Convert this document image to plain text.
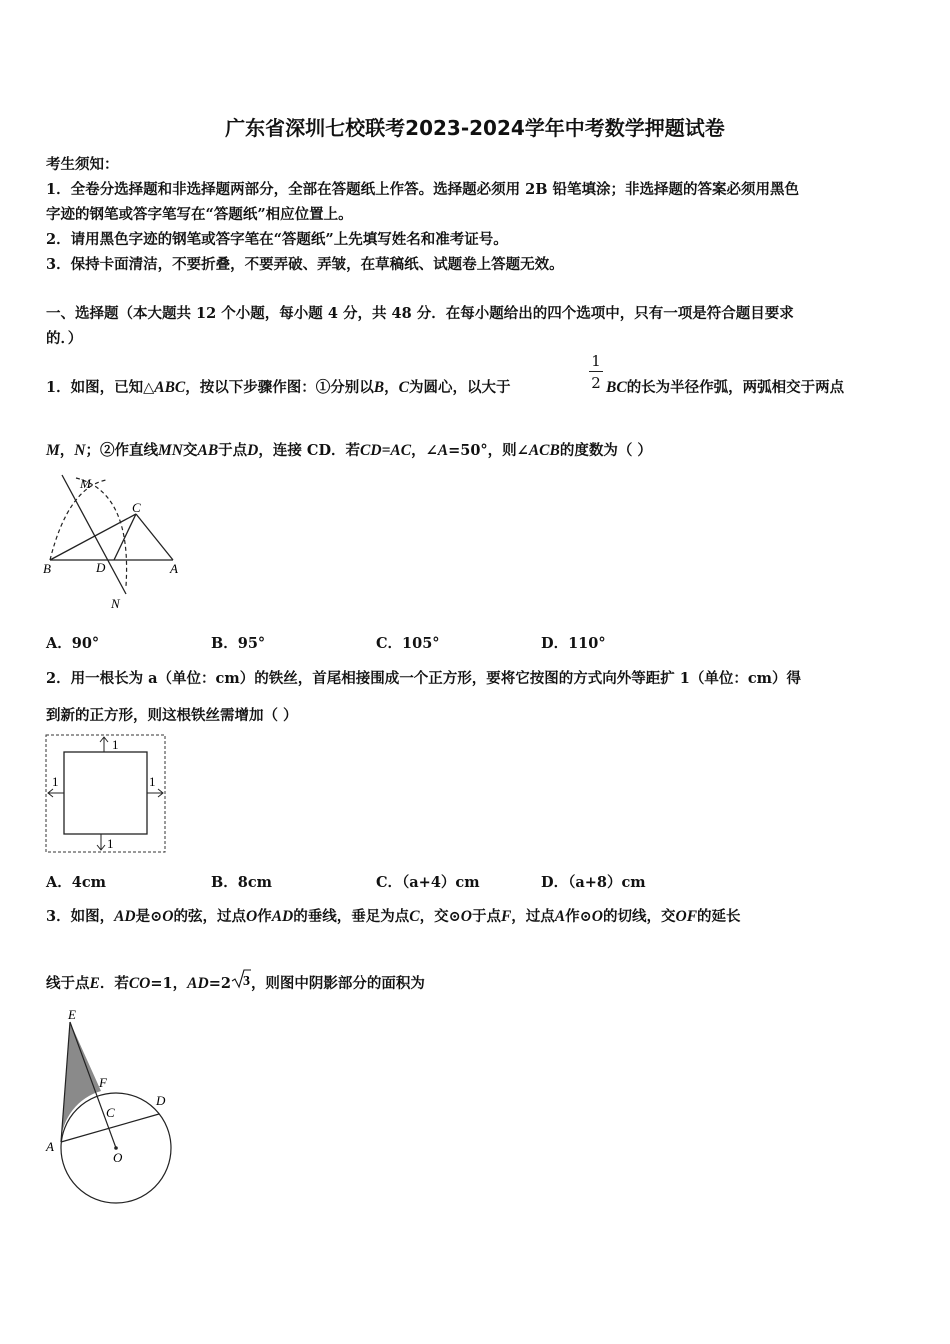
广东省深圳七校联考2023-2024学年中考数学押题试卷
考生须知：
1．全卷分选择题和非选择题两部分，全部在答题纸上作答。选择题必须用 2B 铅笔填涂；非选择题的答案必须用黑色
字迹的钢笔或答字笔写在“答题纸”相应位置上。
2．请用黑色字迹的钢笔或答字笔在“答题纸”上先填写姓名和准考证号。
3．保持卡面清洁，不要折叠，不要弄破、弄皱，在草稿纸、试题卷上答题无效。
一、选择题（本大题共 12 个小题，每小题 4 分，共 48 分．在每小题给出的四个选项中，只有一项是符合题目要求
的．）
1．如图，已知△ABC，按以下步骤作图：①分别以B，C为圆心，以大于
1
2 BC的长为半径作弧，两弧相交于两点
M，N；②作直线MN交AB于点D，连接 CD．若CD=AC，∠A=50°，则∠ACB的度数为（ ）
M
C
B	D	A
N
A．90°	B．95°	C．105°	D．110°
2．用一根长为 a（单位：cm）的铁丝，首尾相接围成一个正方形，要将它按图的方式向外等距扩 1（单位：cm）得
到新的正方形，则这根铁丝需增加（ ）
1
1	1
1
A．4cm	B．8cm	C．（a+4）cm	D．（a+8）cm
3．如图，AD是⊙O的弦，过点O作AD的垂线，垂足为点C，交⊙O于点F，过点A作⊙O的切线，交OF的延长
线于点E．若CO=1，AD=2 3 ，则图中阴影部分的面积为
E
F
C
D
A
O
